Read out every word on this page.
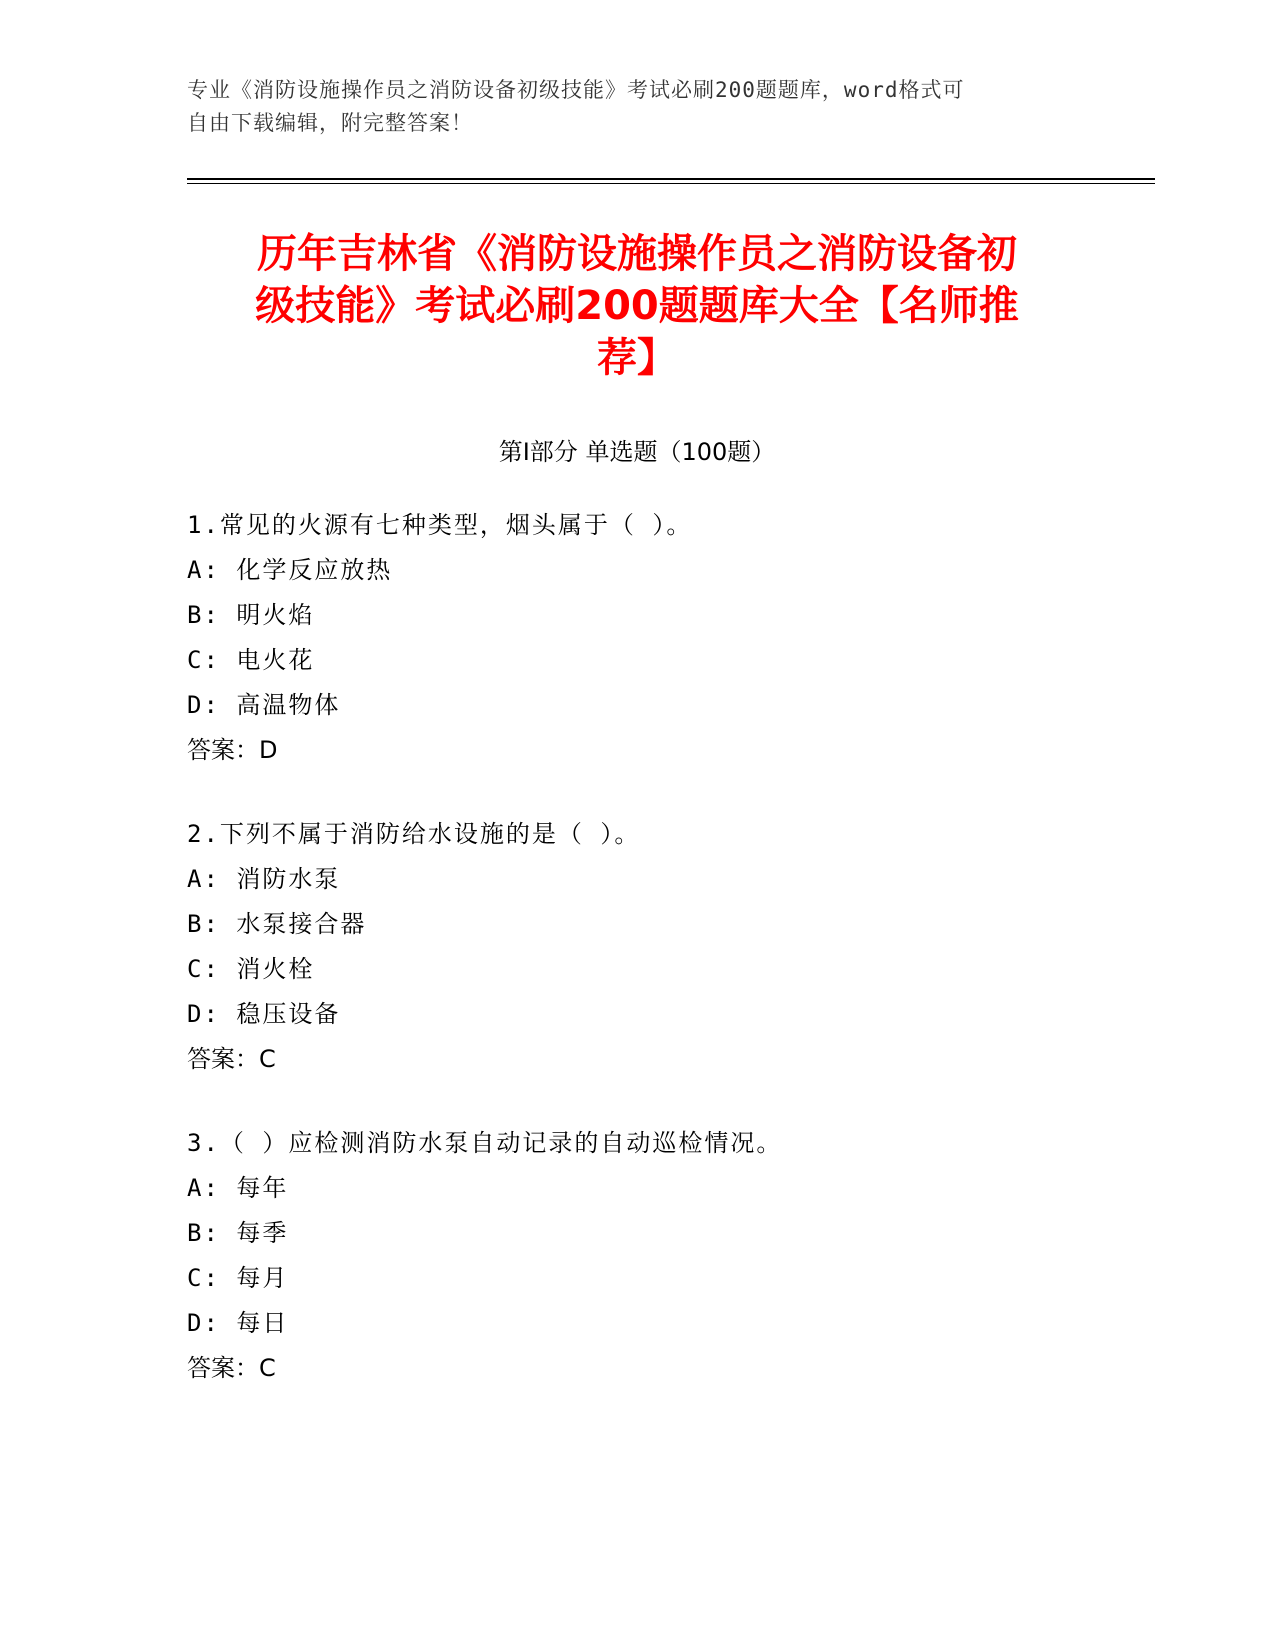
专业《消防设施操作员之消防设备初级技能》考试必刷200题题库，word格式可
自由下载编辑，附完整答案！
历年吉林省《消防设施操作员之消防设备初
级技能》考试必刷200题题库大全【名师推
荐】
第Ⅰ部分 单选题（100题）
1.常见的火源有七种类型，烟头属于（ ）。
A: 化学反应放热
B: 明火焰
C: 电火花
D: 高温物体
答案：D
2.下列不属于消防给水设施的是（ ）。
A: 消防水泵
B: 水泵接合器
C: 消火栓
D: 稳压设备
答案：C
3.（ ）应检测消防水泵自动记录的自动巡检情况。
A: 每年
B: 每季
C: 每月
D: 每日
答案：C
